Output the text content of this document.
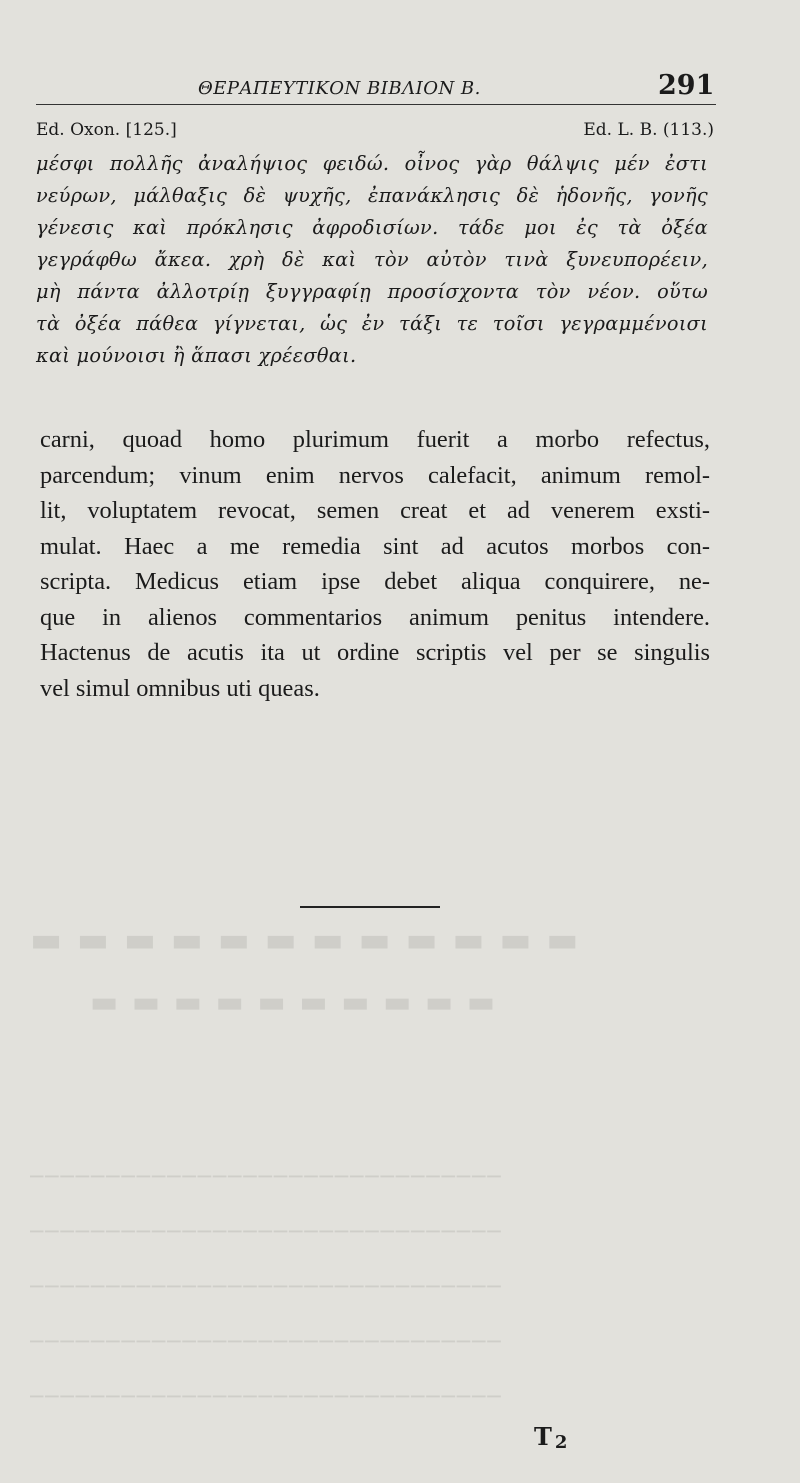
▬ ▬ ▬ ▬ ▬ ▬ ▬ ▬ ▬ ▬ ▬ ▬
▬ ▬ ▬ ▬ ▬ ▬ ▬ ▬ ▬ ▬
───────────────────────────────
───────────────────────────────
───────────────────────────────
───────────────────────────────
───────────────────────────────
ΘΕΡΑΠΕΥΤΙΚΟΝ ΒΙΒΛΙΟΝ Β.	291
Ed. Oxon. [125.]	Ed. L. B. (113.)
μέσφι πολλῆς ἀναλήψιος φειδώ. οἶνος γὰρ θάλψις μέν ἐστι
νεύρων, μάλθαξις δὲ ψυχῆς, ἐπανάκλησις δὲ ἡδονῆς, γονῆς
γένεσις καὶ πρόκλησις ἀφροδισίων. τάδε μοι ἐς τὰ ὀξέα
γεγράφθω ἄκεα. χρὴ δὲ καὶ τὸν αὐτὸν τινὰ ξυνευπορέειν,
μὴ πάντα ἀλλοτρίῃ ξυγγραφίῃ προσίσχοντα τὸν νέον. οὕτω
τὰ ὀξέα πάθεα γίγνεται, ὡς ἐν τάξι τε τοῖσι γεγραμμένοισι
καὶ μούνοισι ἢ ἅπασι χρέεσθαι.
carni, quoad homo plurimum fuerit a morbo refectus,
parcendum; vinum enim nervos calefacit, animum remol-
lit, voluptatem revocat, semen creat et ad venerem exsti-
mulat. Haec a me remedia sint ad acutos morbos con-
scripta. Medicus etiam ipse debet aliqua conquirere, ne-
que in alienos commentarios animum penitus intendere.
Hactenus de acutis ita ut ordine scriptis vel per se singulis
vel simul omnibus uti queas.
T 2
